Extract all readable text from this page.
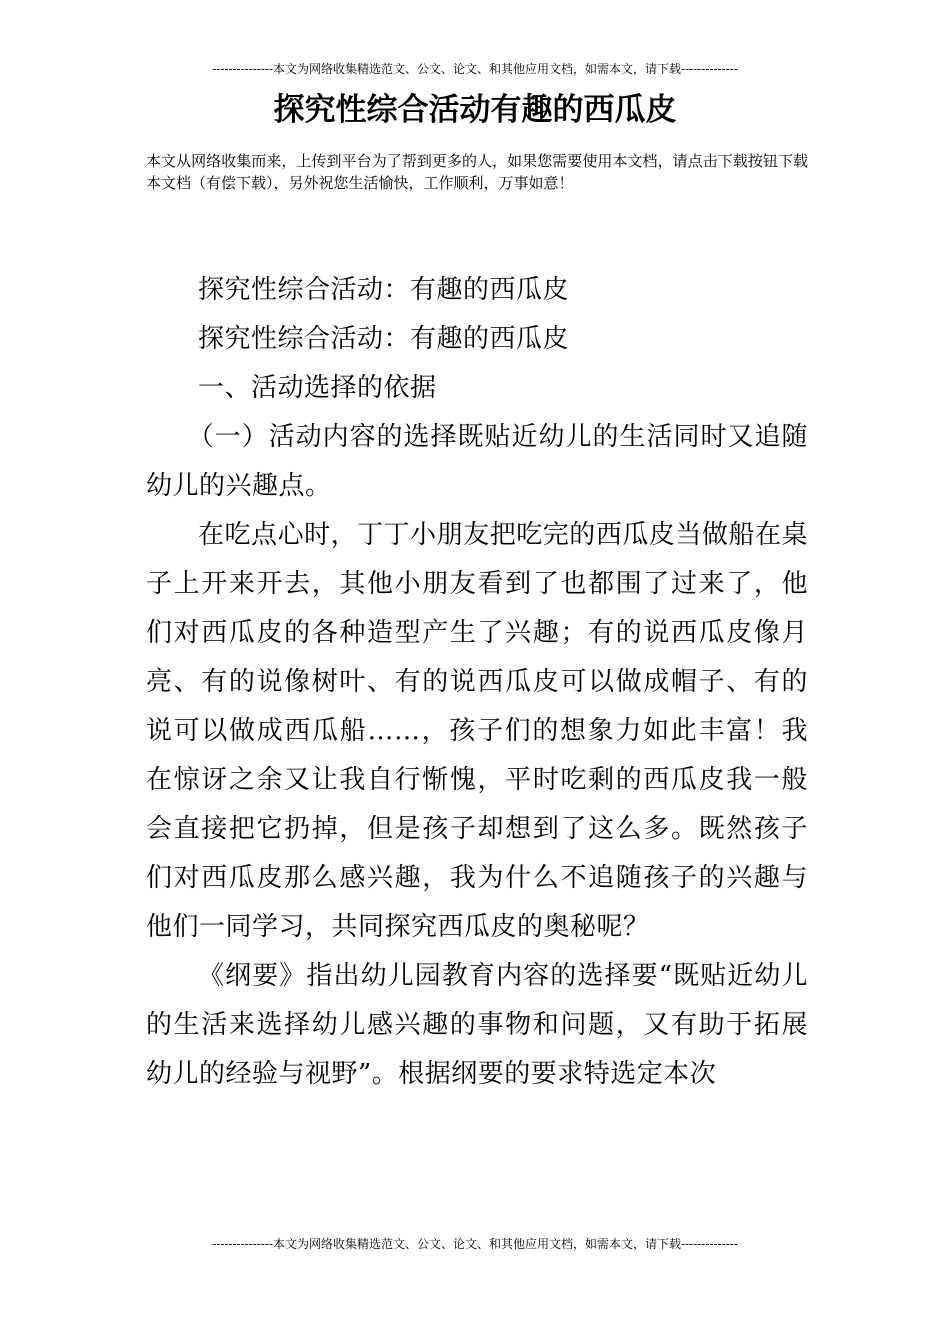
---------------本文为网络收集精选范文、公文、论文、和其他应用文档，如需本文，请下载--------------
探究性综合活动有趣的西瓜皮

本文从网络收集而来，上传到平台为了帮到更多的人，如果您需要使用本文档，请点击下载按钮下载本文档（有偿下载），另外祝您生活愉快，工作顺利，万事如意！

探究性综合活动：有趣的西瓜皮

探究性综合活动：有趣的西瓜皮

一、活动选择的依据

（一）活动内容的选择既贴近幼儿的生活同时又追随幼儿的兴趣点。

在吃点心时，丁丁小朋友把吃完的西瓜皮当做船在桌子上开来开去，其他小朋友看到了也都围了过来了，他们对西瓜皮的各种造型产生了兴趣；有的说西瓜皮像月亮、有的说像树叶、有的说西瓜皮可以做成帽子、有的说可以做成西瓜船……，孩子们的想象力如此丰富！我在惊讶之余又让我自行惭愧，平时吃剩的西瓜皮我一般会直接把它扔掉，但是孩子却想到了这么多。既然孩子们对西瓜皮那么感兴趣，我为什么不追随孩子的兴趣与他们一同学习，共同探究西瓜皮的奥秘呢？

《纲要》指出幼儿园教育内容的选择要“既贴近幼儿的生活来选择幼儿感兴趣的事物和问题，又有助于拓展幼儿的经验与视野”。根据纲要的要求特选定本次

---------------本文为网络收集精选范文、公文、论文、和其他应用文档，如需本文，请下载--------------
